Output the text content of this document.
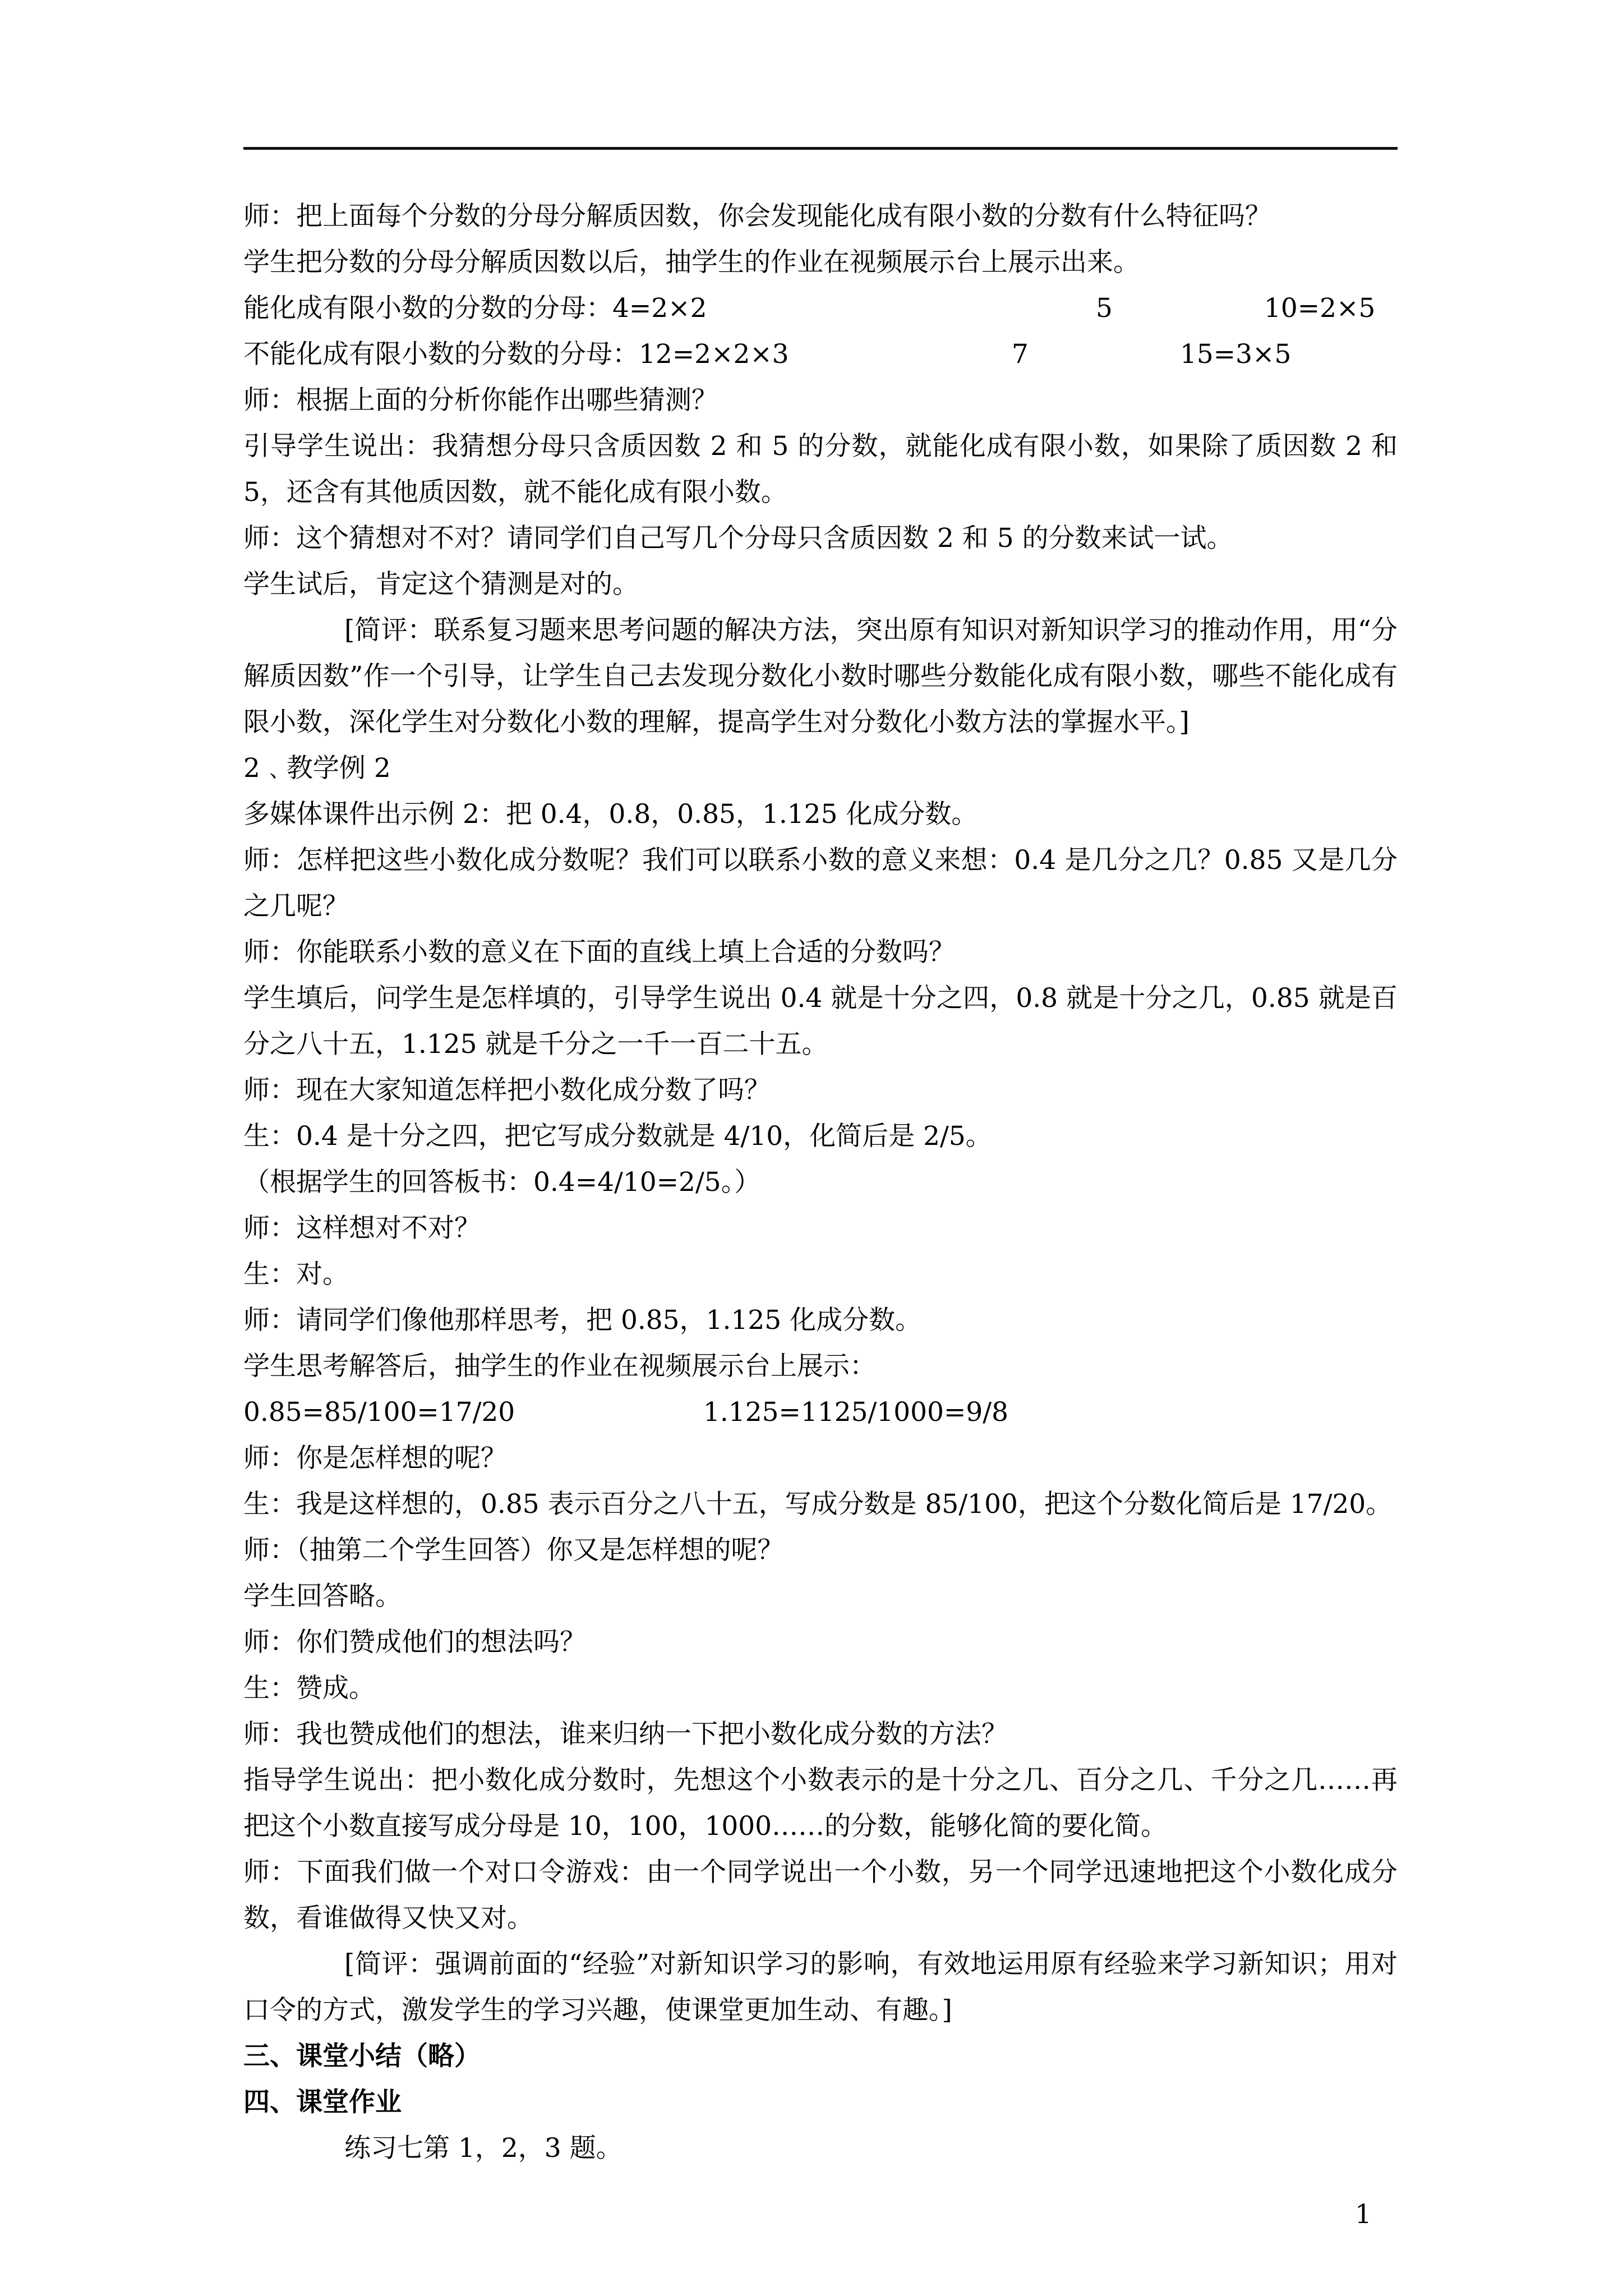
师：把上面每个分数的分母分解质因数，你会发现能化成有限小数的分数有什么特征吗？
学生把分数的分母分解质因数以后，抽学生的作业在视频展示台上展示出来。
能化成有限小数的分数的分母：4=2×2	5	10=2×5
不能化成有限小数的分数的分母：12=2×2×3	7	15=3×5
师：根据上面的分析你能作出哪些猜测？
引导学生说出：我猜想分母只含质因数 2 和 5 的分数，就能化成有限小数，如果除了质因数 2 和 5，还含有其他质因数，就不能化成有限小数。
师：这个猜想对不对？请同学们自己写几个分母只含质因数 2 和 5 的分数来试一试。
学生试后，肯定这个猜测是对的。
[简评：联系复习题来思考问题的解决方法，突出原有知识对新知识学习的推动作用，用“分解质因数”作一个引导，让学生自己去发现分数化小数时哪些分数能化成有限小数，哪些不能化成有限小数，深化学生对分数化小数的理解，提高学生对分数化小数方法的掌握水平。]
2﹑教学例 2
多媒体课件出示例 2：把 0.4，0.8，0.85，1.125 化成分数。
师：怎样把这些小数化成分数呢？我们可以联系小数的意义来想：0.4 是几分之几？0.85 又是几分之几呢？
师：你能联系小数的意义在下面的直线上填上合适的分数吗？
学生填后，问学生是怎样填的，引导学生说出 0.4 就是十分之四，0.8 就是十分之几，0.85 就是百分之八十五，1.125 就是千分之一千一百二十五。
师：现在大家知道怎样把小数化成分数了吗？
生：0.4 是十分之四，把它写成分数就是 4/10，化简后是 2/5。
（根据学生的回答板书：0.4=4/10=2/5。）
师：这样想对不对？
生：对。
师：请同学们像他那样思考，把 0.85，1.125 化成分数。
学生思考解答后，抽学生的作业在视频展示台上展示：
0.85=85/100=17/20	1.125=1125/1000=9/8
师：你是怎样想的呢？
生：我是这样想的，0.85 表示百分之八十五，写成分数是 85/100，把这个分数化简后是 17/20。
师：（抽第二个学生回答）你又是怎样想的呢？
学生回答略。
师：你们赞成他们的想法吗？
生：赞成。
师：我也赞成他们的想法，谁来归纳一下把小数化成分数的方法？
指导学生说出：把小数化成分数时，先想这个小数表示的是十分之几、百分之几、千分之几……再把这个小数直接写成分母是 10，100，1000……的分数，能够化简的要化简。
师：下面我们做一个对口令游戏：由一个同学说出一个小数，另一个同学迅速地把这个小数化成分数，看谁做得又快又对。
[简评：强调前面的“经验”对新知识学习的影响，有效地运用原有经验来学习新知识；用对口令的方式，激发学生的学习兴趣，使课堂更加生动、有趣。]
三、课堂小结（略）
四、课堂作业
练习七第 1，2，3 题。
1
